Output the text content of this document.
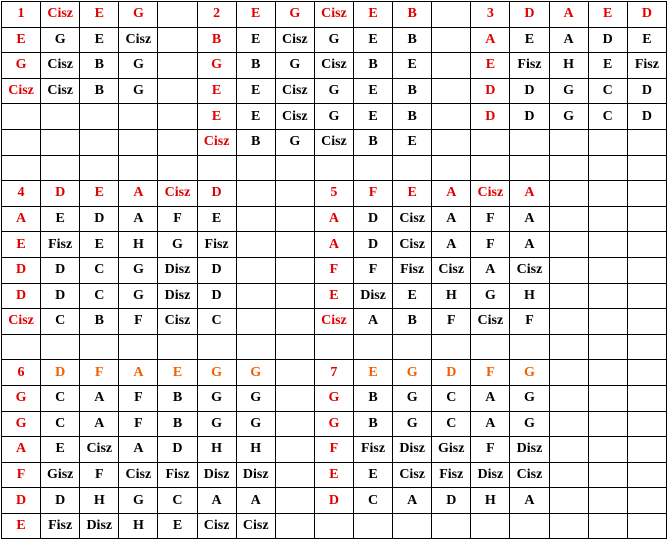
1	Cisz	E	G		2	E	G	Cisz	E	B		3	D	A	E	D
E	G	E	Cisz		B	E	Cisz	G	E	B		A	E	A	D	E
G	Cisz	B	G		G	B	G	Cisz	B	E		E	Fisz	H	E	Fisz
Cisz	Cisz	B	G		E	E	Cisz	G	E	B		D	D	G	C	D
					E	E	Cisz	G	E	B		D	D	G	C	D
					Cisz	B	G	Cisz	B	E						

4	D	E	A	Cisz	D			5	F	E	A	Cisz	A			
A	E	D	A	F	E			A	D	Cisz	A	F	A			
E	Fisz	E	H	G	Fisz			A	D	Cisz	A	F	A			
D	D	C	G	Disz	D			F	F	Fisz	Cisz	A	Cisz			
D	D	C	G	Disz	D			E	Disz	E	H	G	H			
Cisz	C	B	F	Cisz	C			Cisz	A	B	F	Cisz	F			

6	D	F	A	E	G	G		7	E	G	D	F	G			
G	C	A	F	B	G	G		G	B	G	C	A	G			
G	C	A	F	B	G	G		G	B	G	C	A	G			
A	E	Cisz	A	D	H	H		F	Fisz	Disz	Gisz	F	Disz			
F	Gisz	F	Cisz	Fisz	Disz	Disz		E	E	Cisz	Fisz	Disz	Cisz			
D	D	H	G	C	A	A		D	C	A	D	H	A			
E	Fisz	Disz	H	E	Cisz	Cisz										
